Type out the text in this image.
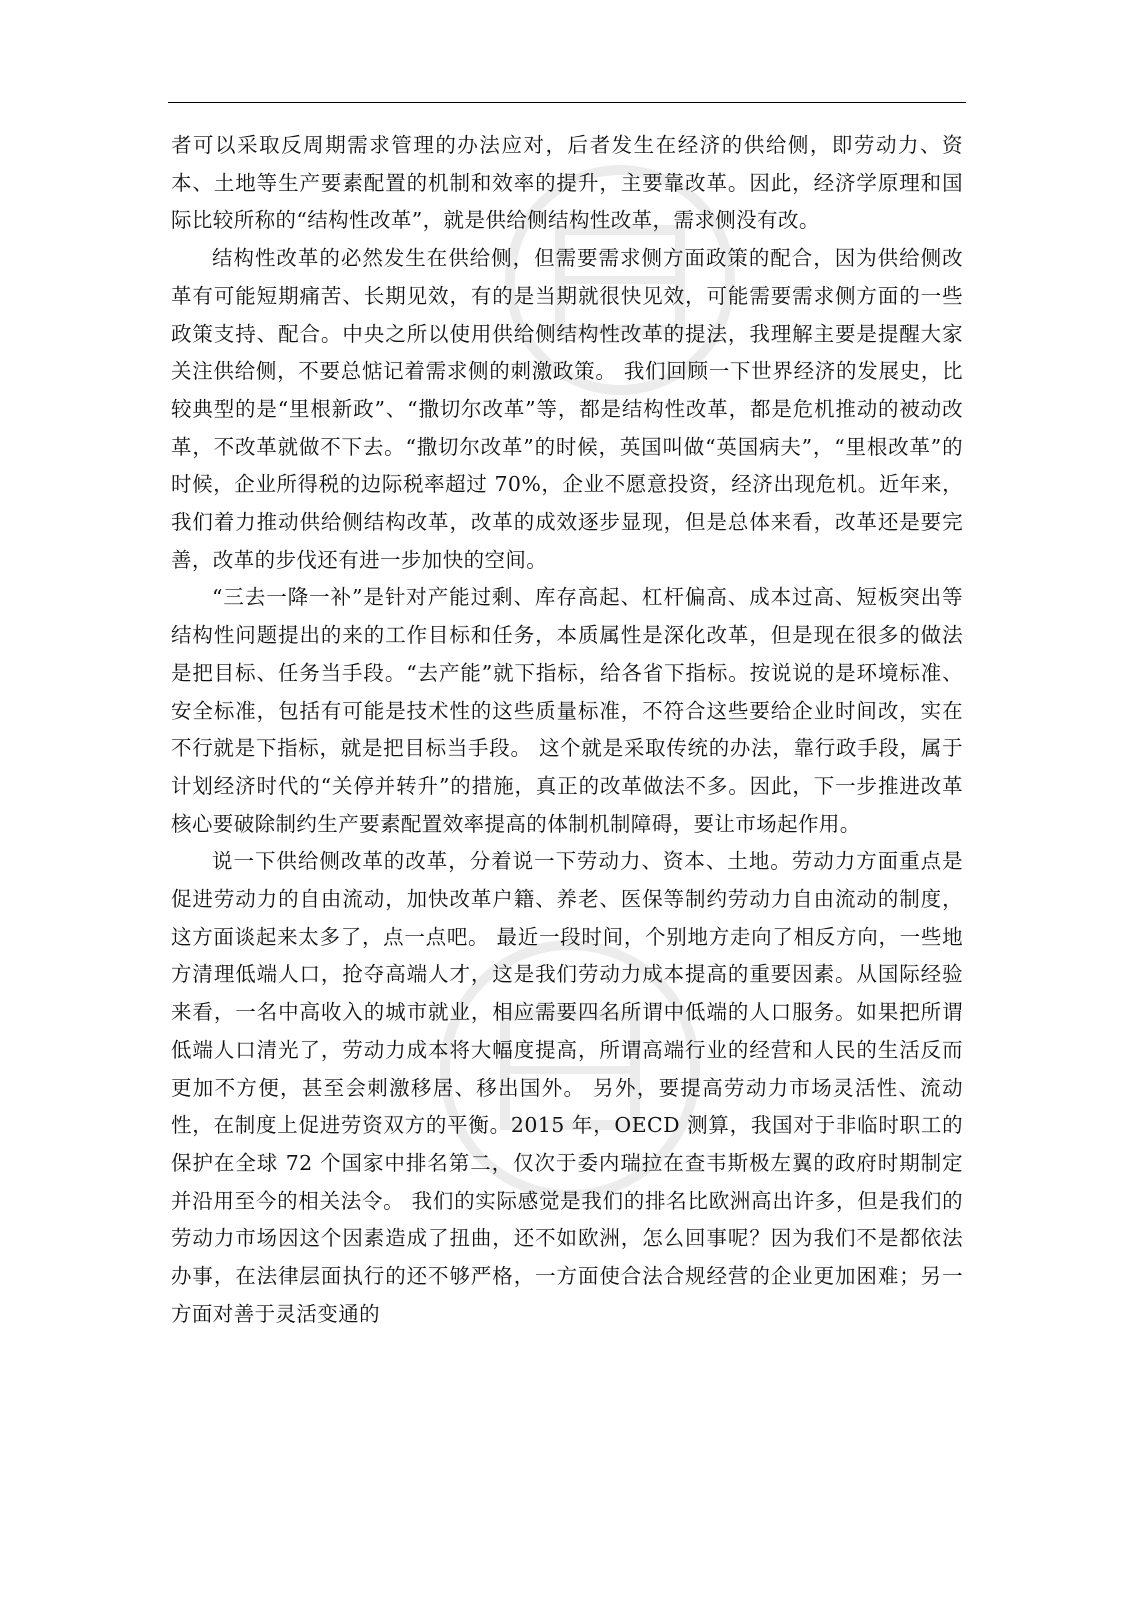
者可以采取反周期需求管理的办法应对，后者发生在经济的供给侧，即劳动力、资本、土地等生产要素配置的机制和效率的提升，主要靠改革。因此，经济学原理和国际比较所称的“结构性改革”，就是供给侧结构性改革，需求侧没有改。

结构性改革的必然发生在供给侧，但需要需求侧方面政策的配合，因为供给侧改革有可能短期痛苦、长期见效，有的是当期就很快见效，可能需要需求侧方面的一些政策支持、配合。中央之所以使用供给侧结构性改革的提法，我理解主要是提醒大家关注供给侧，不要总惦记着需求侧的刺激政策。 我们回顾一下世界经济的发展史，比较典型的是“里根新政”、“撒切尔改革”等，都是结构性改革，都是危机推动的被动改革，不改革就做不下去。“撒切尔改革”的时候，英国叫做“英国病夫”，“里根改革”的时候，企业所得税的边际税率超过 70%，企业不愿意投资，经济出现危机。近年来，我们着力推动供给侧结构改革，改革的成效逐步显现，但是总体来看，改革还是要完善，改革的步伐还有进一步加快的空间。

“三去一降一补”是针对产能过剩、库存高起、杠杆偏高、成本过高、短板突出等结构性问题提出的来的工作目标和任务，本质属性是深化改革，但是现在很多的做法是把目标、任务当手段。“去产能”就下指标，给各省下指标。按说说的是环境标准、安全标准，包括有可能是技术性的这些质量标准，不符合这些要给企业时间改，实在不行就是下指标，就是把目标当手段。 这个就是采取传统的办法，靠行政手段，属于计划经济时代的“关停并转升”的措施，真正的改革做法不多。因此，下一步推进改革核心要破除制约生产要素配置效率提高的体制机制障碍，要让市场起作用。

说一下供给侧改革的改革，分着说一下劳动力、资本、土地。劳动力方面重点是促进劳动力的自由流动，加快改革户籍、养老、医保等制约劳动力自由流动的制度，这方面谈起来太多了，点一点吧。 最近一段时间，个别地方走向了相反方向，一些地方清理低端人口，抢夺高端人才，这是我们劳动力成本提高的重要因素。从国际经验来看，一名中高收入的城市就业，相应需要四名所谓中低端的人口服务。如果把所谓低端人口清光了，劳动力成本将大幅度提高，所谓高端行业的经营和人民的生活反而更加不方便，甚至会刺激移居、移出国外。 另外，要提高劳动力市场灵活性、流动性，在制度上促进劳资双方的平衡。2015 年，OECD 测算，我国对于非临时职工的保护在全球 72 个国家中排名第二，仅次于委内瑞拉在查韦斯极左翼的政府时期制定并沿用至今的相关法令。 我们的实际感觉是我们的排名比欧洲高出许多，但是我们的劳动力市场因这个因素造成了扭曲，还不如欧洲，怎么回事呢？因为我们不是都依法办事，在法律层面执行的还不够严格，一方面使合法合规经营的企业更加困难；另一方面对善于灵活变通的
